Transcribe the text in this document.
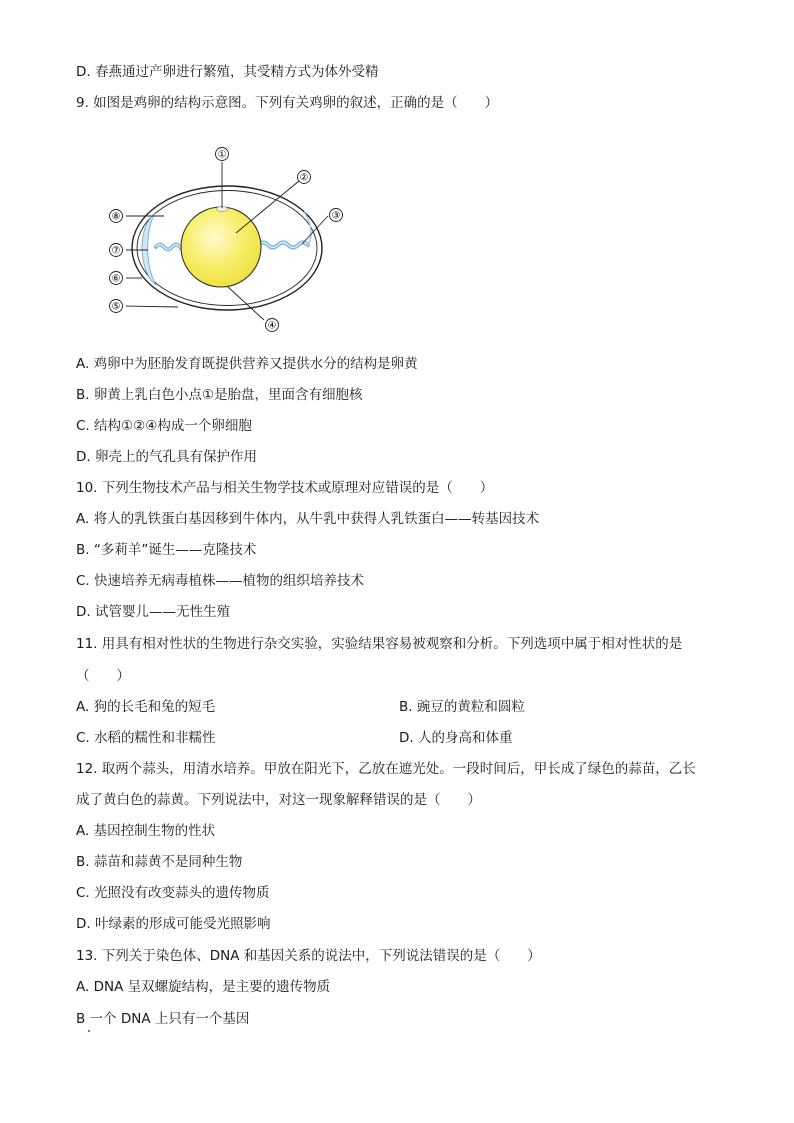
D. 春燕通过产卵进行繁殖，其受精方式为体外受精
9. 如图是鸡卵的结构示意图。下列有关鸡卵的叙述，正确的是（　　）
①
②
③
④
⑤
⑥
⑦
⑧
A. 鸡卵中为胚胎发育既提供营养又提供水分的结构是卵黄
B. 卵黄上乳白色小点①是胎盘，里面含有细胞核
C. 结构①②④构成一个卵细胞
D. 卵壳上的气孔具有保护作用
10. 下列生物技术产品与相关生物学技术或原理对应错误的是（　　）
A. 将人的乳铁蛋白基因移到牛体内，从牛乳中获得人乳铁蛋白——转基因技术
B. “多莉羊”诞生——克隆技术
C. 快速培养无病毒植株——植物的组织培养技术
D. 试管婴儿——无性生殖
11. 用具有相对性状的生物进行杂交实验，实验结果容易被观察和分析。下列选项中属于相对性状的是
（　　）
A. 狗的长毛和兔的短毛	B. 豌豆的黄粒和圆粒
C. 水稻的糯性和非糯性	D. 人的身高和体重
12. 取两个蒜头，用清水培养。甲放在阳光下，乙放在遮光处。一段时间后，甲长成了绿色的蒜苗，乙长
成了黄白色的蒜黄。下列说法中，对这一现象解释错误的是（　　）
A. 基因控制生物的性状
B. 蒜苗和蒜黄不是同种生物
C. 光照没有改变蒜头的遗传物质
D. 叶绿素的形成可能受光照影响
13. 下列关于染色体、DNA 和基因关系的说法中，下列说法错误的是（　　）
A. DNA 呈双螺旋结构，是主要的遗传物质
B 一个 DNA 上只有一个基因
